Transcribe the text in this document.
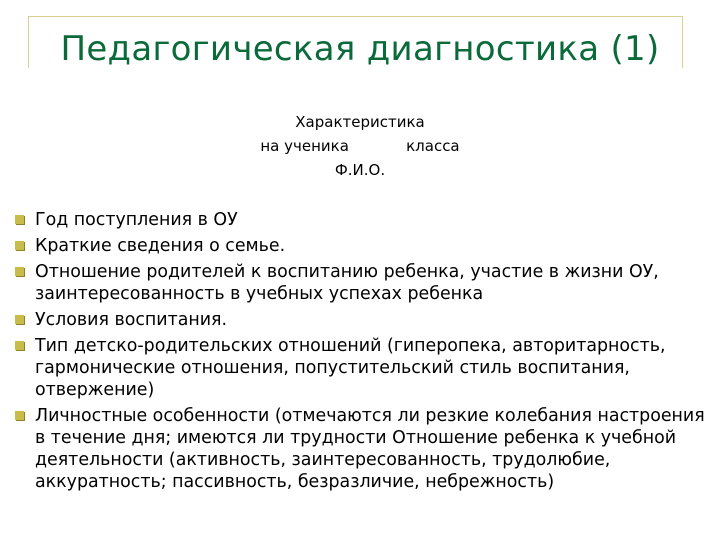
Педагогическая диагностика (1)
Характеристика
на ученика            класса
Ф.И.О.
Год поступления в ОУ
Краткие сведения о семье.
Отношение родителей к воспитанию ребенка, участие в жизни ОУ, заинтересованность в учебных успехах ребенка
Условия воспитания.
Тип детско-родительских отношений (гиперопека, авторитарность, гармонические отношения, попустительский стиль воспитания, отвержение)
Личностные особенности (отмечаются ли резкие колебания настроения в течение дня; имеются ли трудности Отношение ребенка к учебной деятельности (активность, заинтересованность, трудолюбие, аккуратность; пассивность, безразличие, небрежность)
